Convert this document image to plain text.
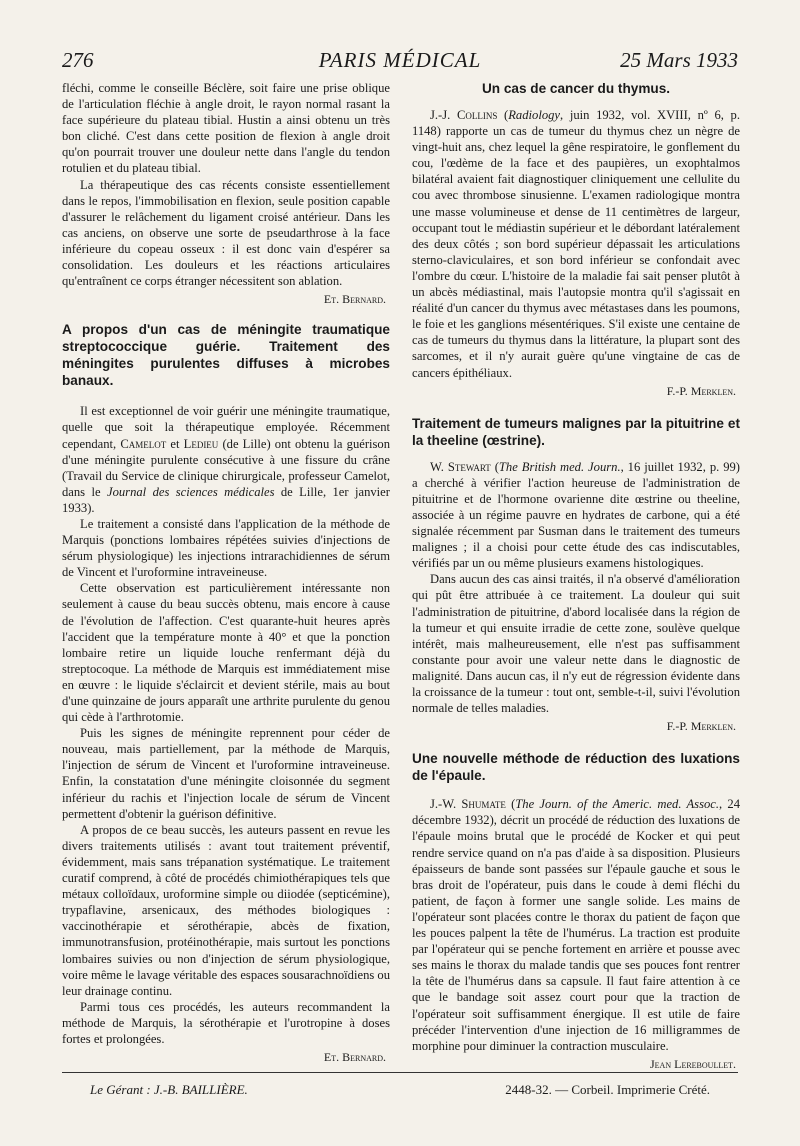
276	PARIS MÉDICAL	25 Mars 1933

fléchi, comme le conseille Béclère, soit faire une prise oblique de l'articulation fléchie à angle droit, le rayon normal rasant la face supérieure du plateau tibial. Hustin a ainsi obtenu un très bon cliché. C'est dans cette position de flexion à angle droit qu'on pourrait trouver une douleur nette dans l'angle du tendon rotulien et du plateau tibial.

La thérapeutique des cas récents consiste essentiellement dans le repos, l'immobilisation en flexion, seule position capable d'assurer le relâchement du ligament croisé antérieur. Dans les cas anciens, on observe une sorte de pseudarthrose à la face inférieure du copeau osseux : il est donc vain d'espérer sa consolidation. Les douleurs et les réactions articulaires qu'entraînent ce corps étranger nécessitent son ablation.

Et. Bernard.
A propos d'un cas de méningite traumatique streptococcique guérie. Traitement des méningites purulentes diffuses à microbes banaux.

Il est exceptionnel de voir guérir une méningite traumatique, quelle que soit la thérapeutique employée. Récemment cependant, Camelot et Ledieu (de Lille) ont obtenu la guérison d'une méningite purulente consécutive à une fissure du crâne (Travail du Service de clinique chirurgicale, professeur Camelot, dans le Journal des sciences médicales de Lille, 1er janvier 1933).

Le traitement a consisté dans l'application de la méthode de Marquis (ponctions lombaires répétées suivies d'injections de sérum physiologique) les injections intrarachidiennes de sérum de Vincent et l'uroformine intraveineuse.

Cette observation est particulièrement intéressante non seulement à cause du beau succès obtenu, mais encore à cause de l'évolution de l'affection. C'est quarante-huit heures après l'accident que la température monte à 40° et que la ponction lombaire retire un liquide louche renfermant déjà du streptocoque. La méthode de Marquis est immédiatement mise en œuvre : le liquide s'éclaircit et devient stérile, mais au bout d'une quinzaine de jours apparaît une arthrite purulente du genou qui cède à l'arthrotomie.

Puis les signes de méningite reprennent pour céder de nouveau, mais partiellement, par la méthode de Marquis, l'injection de sérum de Vincent et l'uroformine intraveineuse. Enfin, la constatation d'une méningite cloisonnée du segment inférieur du rachis et l'injection locale de sérum de Vincent permettent d'obtenir la guérison définitive.

A propos de ce beau succès, les auteurs passent en revue les divers traitements utilisés : avant tout traitement préventif, évidemment, mais sans trépanation systématique. Le traitement curatif comprend, à côté de procédés chimiothérapiques tels que métaux colloïdaux, uroformine simple ou diiodée (septicémine), trypaflavine, arsenicaux, des méthodes biologiques : vaccinothérapie et sérothérapie, abcès de fixation, immunotransfusion, protéinothérapie, mais surtout les ponctions lombaires suivies ou non d'injection de sérum physiologique, voire même le lavage véritable des espaces sousarachnoïdiens ou leur drainage continu.

Parmi tous ces procédés, les auteurs recommandent la méthode de Marquis, la sérothérapie et l'urotropine à doses fortes et prolongées.

Et. Bernard.
Un cas de cancer du thymus.

J.-J. Collins (Radiology, juin 1932, vol. XVIII, nº 6, p. 1148) rapporte un cas de tumeur du thymus chez un nègre de vingt-huit ans, chez lequel la gêne respiratoire, le gonflement du cou, l'œdème de la face et des paupières, un exophtalmos bilatéral avaient fait diagnostiquer cliniquement une cellulite du cou avec thrombose sinusienne. L'examen radiologique montra une masse volumineuse et dense de 11 centimètres de largeur, occupant tout le médiastin supérieur et le débordant latéralement des deux côtés ; son bord supérieur dépassait les articulations sterno-claviculaires, et son bord inférieur se confondait avec l'ombre du cœur. L'histoire de la maladie fai sait penser plutôt à un abcès médiastinal, mais l'autopsie montra qu'il s'agissait en réalité d'un cancer du thymus avec métastases dans les poumons, le foie et les ganglions mésentériques. S'il existe une centaine de cas de tumeurs du thymus dans la littérature, la plupart sont des sarcomes, et il n'y aurait guère qu'une vingtaine de cas de cancers épithéliaux.

F.-P. Merklen.
Traitement de tumeurs malignes par la pituitrine et la theeline (œstrine).

W. Stewart (The British med. Journ., 16 juillet 1932, p. 99) a cherché à vérifier l'action heureuse de l'administration de pituitrine et de l'hormone ovarienne dite œstrine ou theeline, associée à un régime pauvre en hydrates de carbone, qui a été signalée récemment par Susman dans le traitement des tumeurs malignes ; il a choisi pour cette étude des cas indiscutables, vérifiés par un ou même plusieurs examens histologiques.

Dans aucun des cas ainsi traités, il n'a observé d'amélioration qui pût être attribuée à ce traitement. La douleur qui suit l'administration de pituitrine, d'abord localisée dans la région de la tumeur et qui ensuite irradie de cette zone, soulève quelque intérêt, mais malheureusement, elle n'est pas suffisamment constante pour avoir une valeur nette dans le diagnostic de malignité. Dans aucun cas, il n'y eut de régression évidente dans la croissance de la tumeur : tout ont, semble-t-il, suivi l'évolution normale de telles maladies.

F.-P. Merklen.
Une nouvelle méthode de réduction des luxations de l'épaule.

J.-W. Shumate (The Journ. of the Americ. med. Assoc., 24 décembre 1932), décrit un procédé de réduction des luxations de l'épaule moins brutal que le procédé de Kocker et qui peut rendre service quand on n'a pas d'aide à sa disposition. Plusieurs épaisseurs de bande sont passées sur l'épaule gauche et sous le bras droit de l'opérateur, puis dans le coude à demi fléchi du patient, de façon à former une sangle solide. Les mains de l'opérateur sont placées contre le thorax du patient de façon que les pouces palpent la tête de l'humérus. La traction est produite par l'opérateur qui se penche fortement en arrière et pousse avec ses mains le thorax du malade tandis que ses pouces font rentrer la tête de l'humérus dans sa capsule. Il faut faire attention à ce que le bandage soit assez court pour que la traction de l'opérateur soit suffisamment énergique. Il est utile de faire précéder l'intervention d'une injection de 16 milligrammes de morphine pour diminuer la contraction musculaire.

Jean Lereboullet.
Le Gérant : J.-B. BAILLIÈRE.	2448-32. — Corbeil. Imprimerie Crété.
